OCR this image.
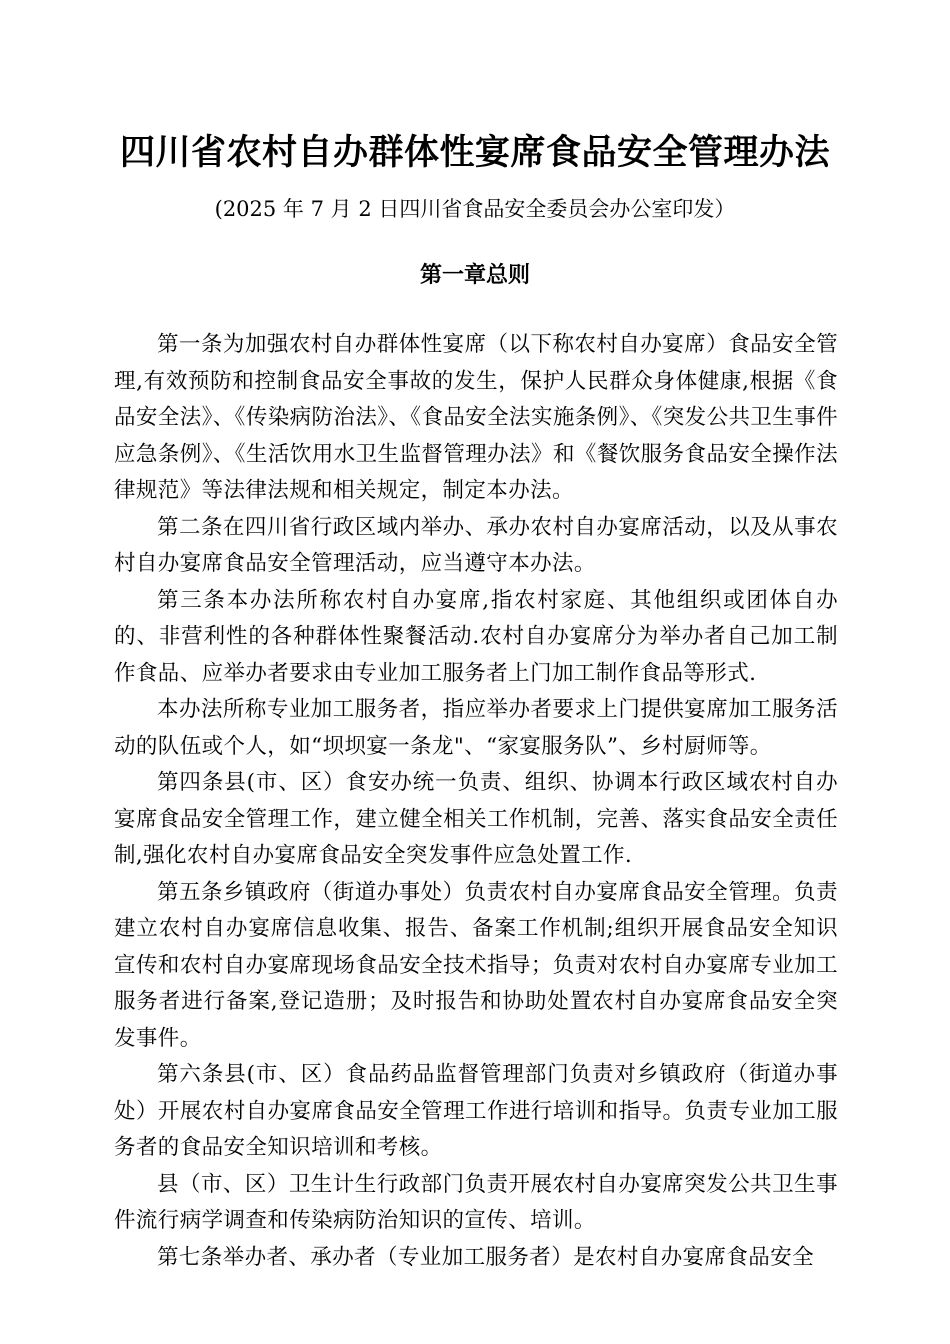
四川省农村自办群体性宴席食品安全管理办法
(2025 年 7 月 2 日四川省食品安全委员会办公室印发）
第一章总则

第一条为加强农村自办群体性宴席（以下称农村自办宴席）食品安全管理,有效预防和控制食品安全事故的发生，保护人民群众身体健康,根据《食品安全法》、《传染病防治法》、《食品安全法实施条例》、《突发公共卫生事件应急条例》、《生活饮用水卫生监督管理办法》和《餐饮服务食品安全操作法律规范》等法律法规和相关规定，制定本办法。

第二条在四川省行政区域内举办、承办农村自办宴席活动，以及从事农村自办宴席食品安全管理活动，应当遵守本办法。

第三条本办法所称农村自办宴席,指农村家庭、其他组织或团体自办的、非营利性的各种群体性聚餐活动.农村自办宴席分为举办者自己加工制作食品、应举办者要求由专业加工服务者上门加工制作食品等形式.

本办法所称专业加工服务者，指应举办者要求上门提供宴席加工服务活动的队伍或个人，如“坝坝宴一条龙"、“家宴服务队”、乡村厨师等。

第四条县(市、区）食安办统一负责、组织、协调本行政区域农村自办宴席食品安全管理工作，建立健全相关工作机制，完善、落实食品安全责任制,强化农村自办宴席食品安全突发事件应急处置工作.

第五条乡镇政府（街道办事处）负责农村自办宴席食品安全管理。负责建立农村自办宴席信息收集、报告、备案工作机制;组织开展食品安全知识宣传和农村自办宴席现场食品安全技术指导；负责对农村自办宴席专业加工服务者进行备案,登记造册；及时报告和协助处置农村自办宴席食品安全突发事件。

第六条县(市、区）食品药品监督管理部门负责对乡镇政府（街道办事处）开展农村自办宴席食品安全管理工作进行培训和指导。负责专业加工服务者的食品安全知识培训和考核。

县（市、区）卫生计生行政部门负责开展农村自办宴席突发公共卫生事件流行病学调查和传染病防治知识的宣传、培训。

第七条举办者、承办者（专业加工服务者）是农村自办宴席食品安全
